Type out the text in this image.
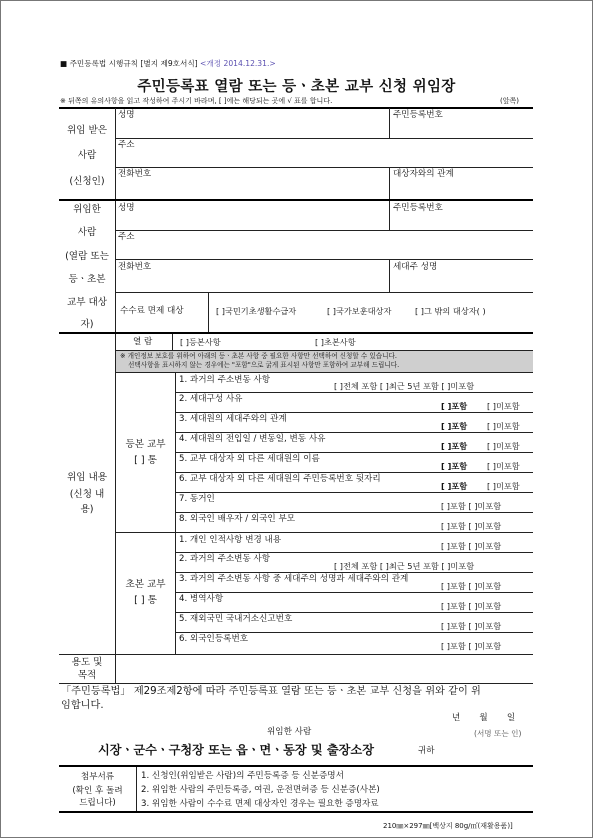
■ 주민등록법 시행규칙 [별지 제9호서식] <개정 2014.12.31.>
주민등록표 열람 또는 등ㆍ초본 교부 신청 위임장
※ 뒤쪽의 유의사항을 읽고 작성하여 주시기 바라며, [ ]에는 해당되는 곳에 √ 표를 합니다.	(앞쪽)
위임 받은
사람
(신청인)
성명	주민등록번호
주소
전화번호	대상자와의 관계
위임한
사람
(열람 또는
등ㆍ초본
교부 대상
자)
성명	주민등록번호
주소
전화번호	세대주 성명
수수료 면제 대상	[ ]국민기초생활수급자	[ ]국가보훈대상자	[ ]그 밖의 대상자( )
위임 내용
(신청 내
용)
열 람	[ ]등본사항	[ ]초본사항
※ 개인정보 보호를 위하여 아래의 등ㆍ초본 사항 중 필요한 사항만 선택하여 신청할 수 있습니다.
선택사항을 표시하지 않는 경우에는 "포함"으로 굵게 표시된 사항만 포함하여 교부해 드립니다.
등본 교부
[ ] 통
초본 교부
[ ] 통
1. 과거의 주소변동 사항
[ ]전체 포함 [ ]최근 5년 포함 [ ]미포함
2. 세대구성 사유
[ ]포함 [ ]미포함
3. 세대원의 세대주와의 관계
[ ]포함 [ ]미포함
4. 세대원의 전입일 / 변동일, 변동 사유
[ ]포함 [ ]미포함
5. 교부 대상자 외 다른 세대원의 이름
[ ]포함 [ ]미포함
6. 교부 대상자 외 다른 세대원의 주민등록번호 뒷자리
[ ]포함 [ ]미포함
7. 동거인
[ ]포함 [ ]미포함
8. 외국인 배우자 / 외국인 부모
[ ]포함 [ ]미포함
1. 개인 인적사항 변경 내용
[ ]포함 [ ]미포함
2. 과거의 주소변동 사항
[ ]전체 포함 [ ]최근 5년 포함 [ ]미포함
3. 과거의 주소변동 사항 중 세대주의 성명과 세대주와의 관계
[ ]포함 [ ]미포함
4. 병역사항
[ ]포함 [ ]미포함
5. 재외국민 국내거소신고번호
[ ]포함 [ ]미포함
6. 외국인등록번호
[ ]포함 [ ]미포함
용도 및
목적
「주민등록법」 제29조제2항에 따라 주민등록표 열람 또는 등ㆍ초본 교부 신청을 위와 같이 위
임합니다.
년       월       일
위임한 사람	(서명 또는 인)
시장ㆍ군수ㆍ구청장 또는 읍ㆍ면ㆍ동장 및 출장소장	귀하
첨부서류
(확인 후 돌려
드립니다)
1. 신청인(위임받은 사람)의 주민등록증 등 신분증명서
2. 위임한 사람의 주민등록증, 여권, 운전면허증 등 신분증(사본)
3. 위임한 사람이 수수료 면제 대상자인 경우는 필요한 증명자료
210㎜×297㎜[백상지 80g/㎡(재활용품)]
